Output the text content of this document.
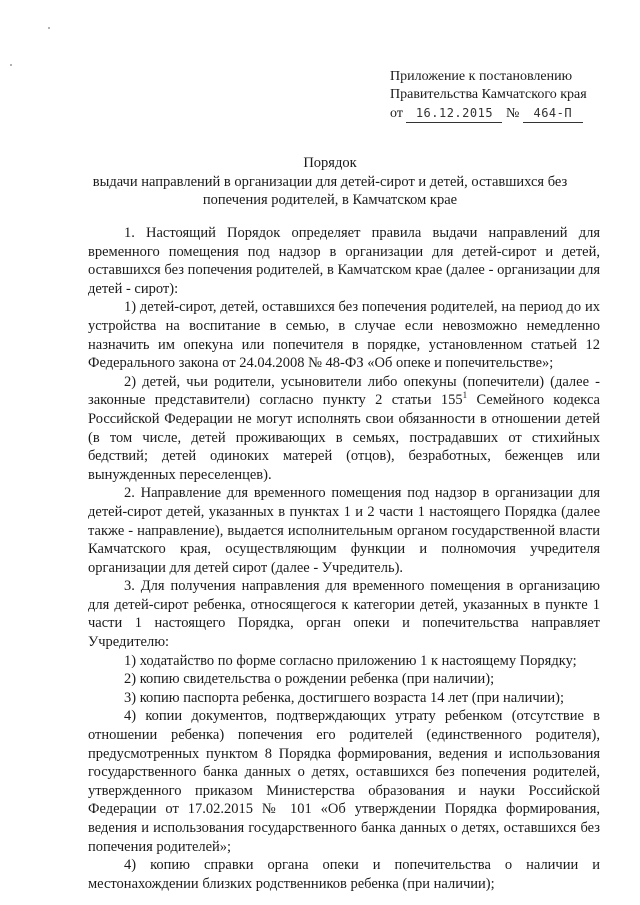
Приложение к постановлению
Правительства Камчатского края
от 16.12.2015 № 464-П
Порядок
выдачи направлений в организации для детей-сирот и детей, оставшихся без
попечения родителей, в Камчатском крае

1. Настоящий Порядок определяет правила выдачи направлений для временного помещения под надзор в организации для детей-сирот и детей, оставшихся без попечения родителей, в Камчатском крае (далее - организации для детей - сирот):

1) детей-сирот, детей, оставшихся без попечения родителей, на период до их устройства на воспитание в семью, в случае если невозможно немедленно назначить им опекуна или попечителя в порядке, установленном статьей 12 Федерального закона от 24.04.2008 № 48-ФЗ «Об опеке и попечительстве»;

2) детей, чьи родители, усыновители либо опекуны (попечители) (далее - законные представители) согласно пункту 2 статьи $155^1$ Семейного кодекса Российской Федерации не могут исполнять свои обязанности в отношении детей (в том числе, детей проживающих в семьях, пострадавших от стихийных бедствий; детей одиноких матерей (отцов), безработных, беженцев или вынужденных переселенцев).

2. Направление для временного помещения под надзор в организации для детей-сирот детей, указанных в пунктах 1 и 2 части 1 настоящего Порядка (далее также - направление), выдается исполнительным органом государственной власти Камчатского края, осуществляющим функции и полномочия учредителя организации для детей сирот (далее - Учредитель).

3. Для получения направления для временного помещения в организацию для детей-сирот ребенка, относящегося к категории детей, указанных в пункте 1 части 1 настоящего Порядка, орган опеки и попечительства направляет Учредителю:

1) ходатайство по форме согласно приложению 1 к настоящему Порядку;

2) копию свидетельства о рождении ребенка (при наличии);

3) копию паспорта ребенка, достигшего возраста 14 лет (при наличии);

4) копии документов, подтверждающих утрату ребенком (отсутствие в отношении ребенка) попечения его родителей (единственного родителя), предусмотренных пунктом 8 Порядка формирования, ведения и использования государственного банка данных о детях, оставшихся без попечения родителей, утвержденного приказом Министерства образования и науки Российской Федерации от 17.02.2015 № 101 «Об утверждении Порядка формирования, ведения и использования государственного банка данных о детях, оставшихся без попечения родителей»;

4) копию справки органа опеки и попечительства о наличии и местонахождении близких родственников ребенка (при наличии);
